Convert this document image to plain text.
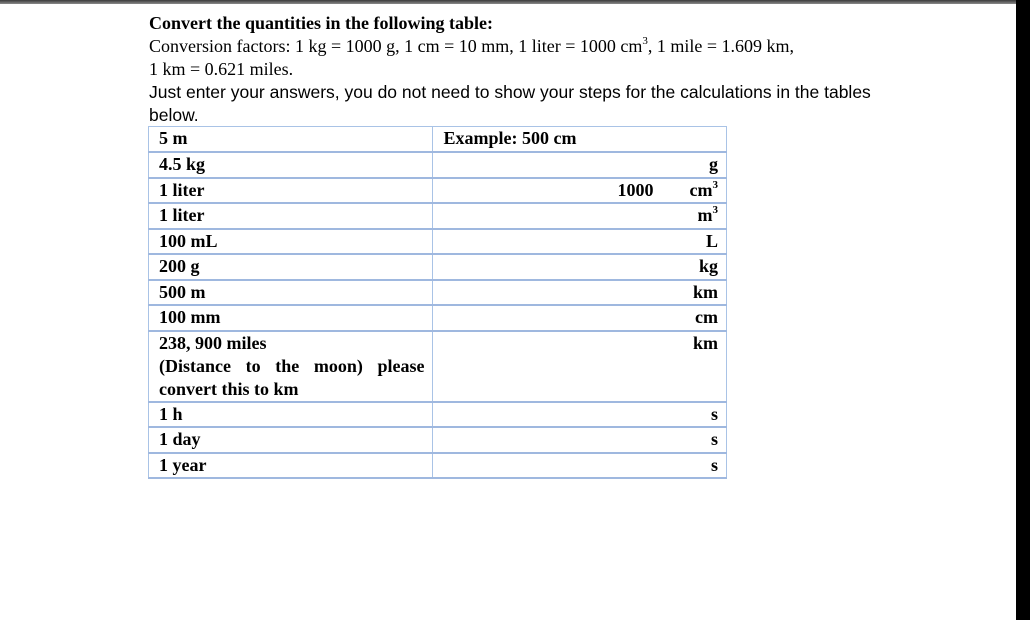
Convert the quantities in the following table:
Conversion factors: 1 kg = 1000 g, 1 cm = 10 mm, 1 liter = 1000 $cm^3$, 1 mile = 1.609 km,
1 km = 0.621 miles.
Just enter your answers, you do not need to show your steps for the calculations in the tables below.
5 m	Example: 500 cm

4.5 kg	g

1 liter	1000 $cm^3$

1 liter	$m^3$

100 mL	L

200 g	kg

500 m	km

100 mm	cm

238, 900 miles
(Distance to the moon) please convert this to km	km

1 h	s

1 day	s

1 year	s
